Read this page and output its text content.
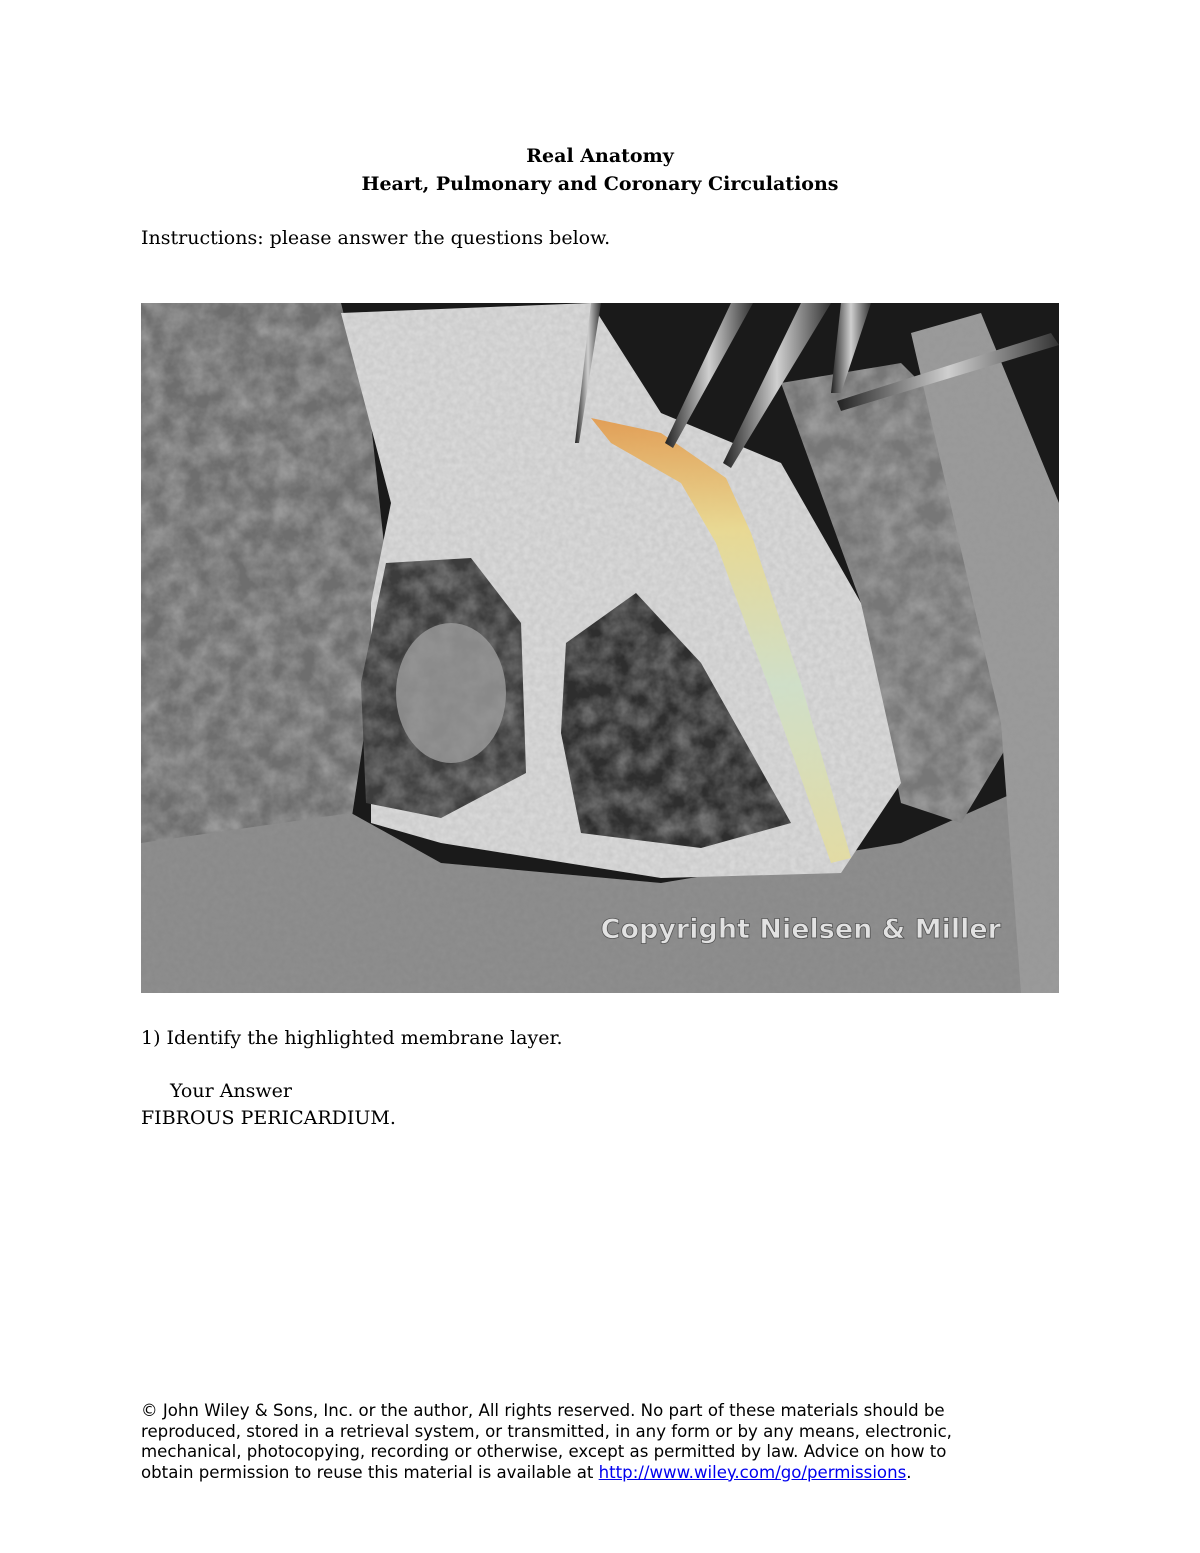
Real Anatomy
Heart, Pulmonary and Coronary Circulations
Instructions: please answer the questions below.
Copyright Nielsen & Miller
1) Identify the highlighted membrane layer.
Your Answer
FIBROUS PERICARDIUM.
© John Wiley & Sons, Inc. or the author, All rights reserved. No part of these materials should be
reproduced, stored in a retrieval system, or transmitted, in any form or by any means, electronic,
mechanical, photocopying, recording or otherwise, except as permitted by law. Advice on how to
obtain permission to reuse this material is available at http://www.wiley.com/go/permissions.
